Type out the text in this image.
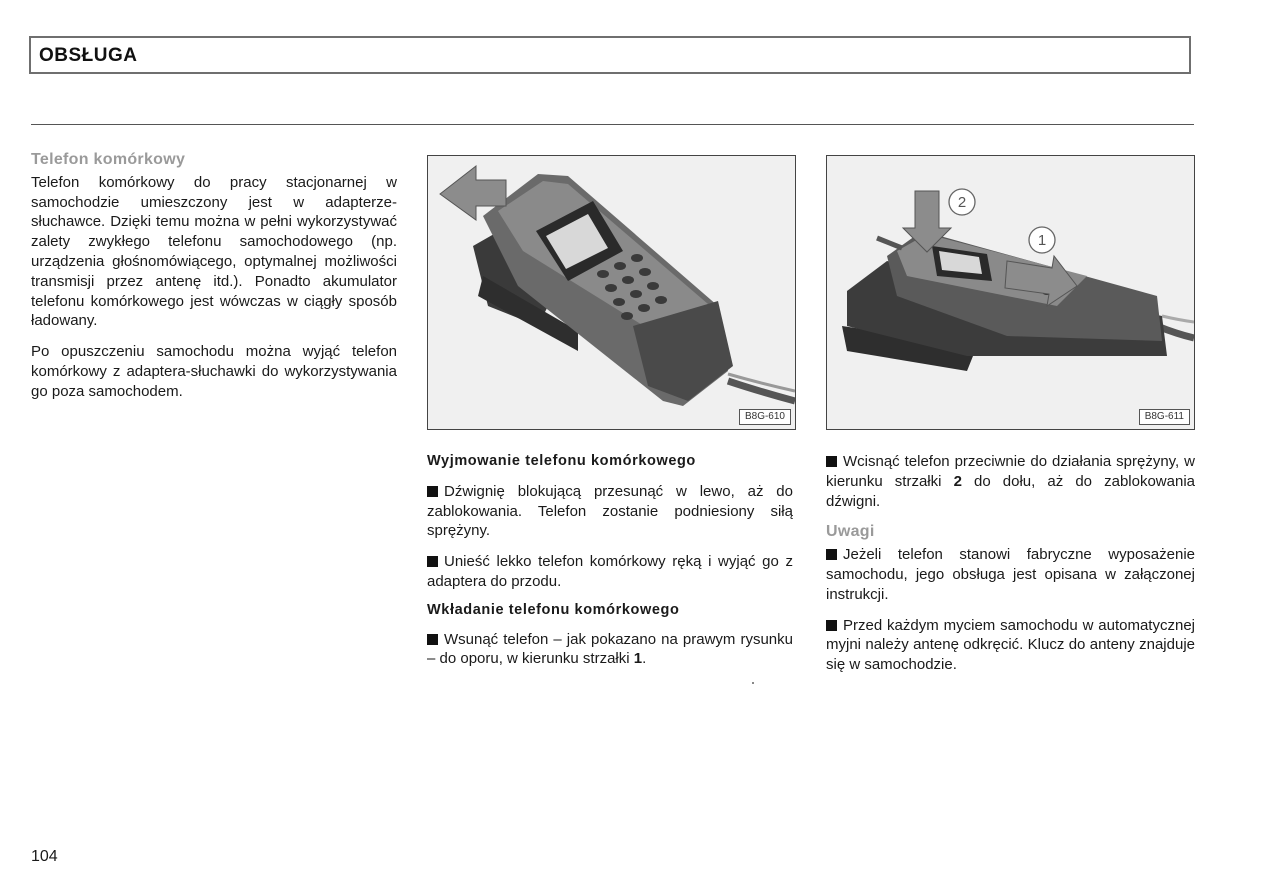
OBSŁUGA
Telefon komórkowy

Telefon komórkowy do pracy stacjonarnej w samochodzie umieszczony jest w adapterze-słuchawce. Dzięki temu można w pełni wykorzystywać zalety zwykłego telefonu samochodowego (np. urządzenia głośnomówiącego, optymalnej możliwości transmisji przez antenę itd.). Ponadto akumulator telefonu komórkowego jest wówczas w ciągły sposób ładowany.

Po opuszczeniu samochodu można wyjąć telefon komórkowy z adaptera-słuchawki do wykorzystywania go poza samochodem.

B8G-610
2
1
B8G-611
Wyjmowanie telefonu komórkowego

Dźwignię blokującą przesunąć w lewo, aż do zablokowania. Telefon zostanie podniesiony siłą sprężyny.

Unieść lekko telefon komórkowy ręką i wyjąć go z adaptera do przodu.

Wkładanie telefonu komórkowego

Wsunąć telefon – jak pokazano na prawym rysunku – do oporu, w kierunku strzałki 1.

Wcisnąć telefon przeciwnie do działania sprężyny, w kierunku strzałki 2 do dołu, aż do zablokowania dźwigni.

Uwagi

Jeżeli telefon stanowi fabryczne wyposażenie samochodu, jego obsługa jest opisana w załączonej instrukcji.

Przed każdym myciem samochodu w automatycznej myjni należy antenę odkręcić. Klucz do anteny znajduje się w samochodzie.

104
